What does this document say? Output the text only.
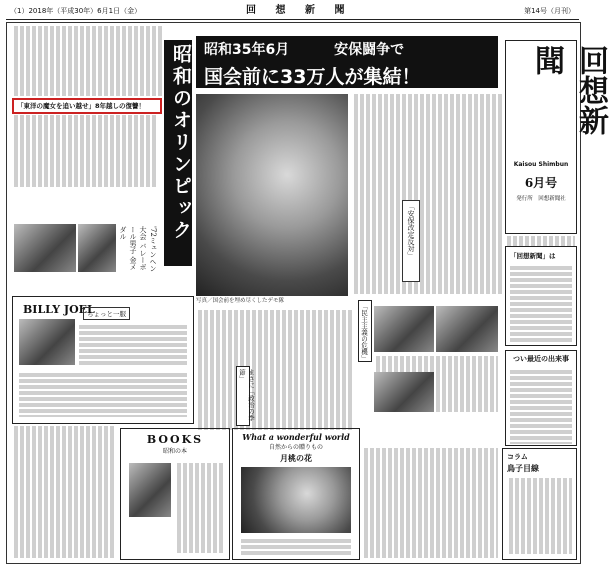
（1）2018年（平成30年）6月1日（金）	回 想 新 聞	第14号（月刊）
昭和のオリンピック
「東洋の魔女を追い越せ」8年越しの復讐！
'72ミュンヘン大会 バレーボール男子 金メダル
昭和35年6月	安保闘争で
国会前に33万人が集結！	回想新聞
Kaisou Shimbun
6月号
発行所　回想新聞社
写真／国会前を埋め尽くしたデモ隊
「安保改定反対」
BILLY JOEL
ちょっと一服	「民主主義の危機」
まさに「政治の季節」
つい最近の出来事
「回想新聞」は
BOOKS
昭和の本
What a wonderful world
自然からの贈りもの
月桃の花	コラム
鳥子目線
